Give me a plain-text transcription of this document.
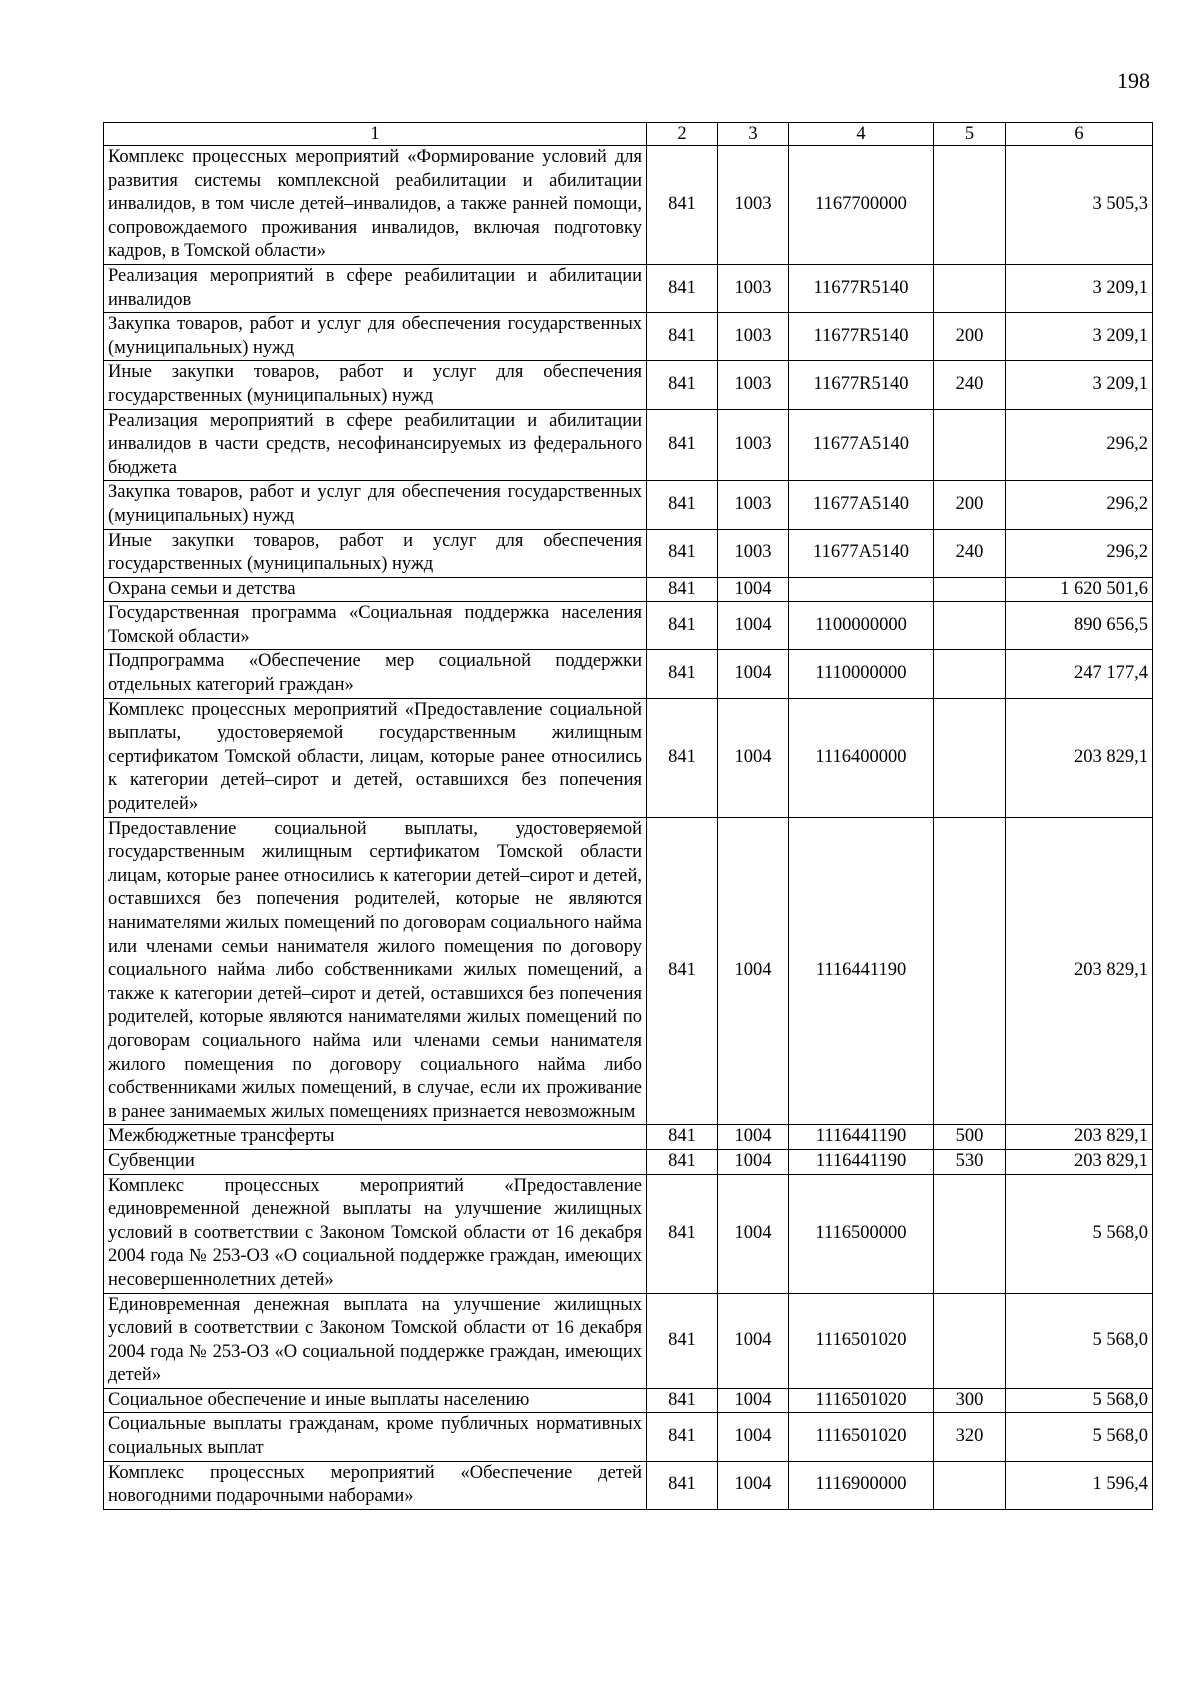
198
1	2	3	4	5	6
Комплекс процессных мероприятий «Формирование условий для развития системы комплексной реабилитации и абилитации инвалидов, в том числе детей–инвалидов, а также ранней помощи, сопровождаемого проживания инвалидов, включая подготовку кадров, в Томской области»	841	1003	1167700000		3 505,3
Реализация мероприятий в сфере реабилитации и абилитации инвалидов	841	1003	11677R5140		3 209,1
Закупка товаров, работ и услуг для обеспечения государственных (муниципальных) нужд	841	1003	11677R5140	200	3 209,1
Иные закупки товаров, работ и услуг для обеспечения государственных (муниципальных) нужд	841	1003	11677R5140	240	3 209,1
Реализация мероприятий в сфере реабилитации и абилитации инвалидов в части средств, несофинансируемых из федерального бюджета	841	1003	11677A5140		296,2
Закупка товаров, работ и услуг для обеспечения государственных (муниципальных) нужд	841	1003	11677A5140	200	296,2
Иные закупки товаров, работ и услуг для обеспечения государственных (муниципальных) нужд	841	1003	11677A5140	240	296,2
Охрана семьи и детства	841	1004			1 620 501,6
Государственная программа «Социальная поддержка населения Томской области»	841	1004	1100000000		890 656,5
Подпрограмма «Обеспечение мер социальной поддержки отдельных категорий граждан»	841	1004	1110000000		247 177,4
Комплекс процессных мероприятий «Предоставление социальной выплаты, удостоверяемой государственным жилищным сертификатом Томской области, лицам, которые ранее относились к категории детей–сирот и детей, оставшихся без попечения родителей»	841	1004	1116400000		203 829,1
Предоставление социальной выплаты, удостоверяемой государственным жилищным сертификатом Томской области лицам, которые ранее относились к категории детей–сирот и детей, оставшихся без попечения родителей, которые не являются нанимателями жилых помещений по договорам социального найма или членами семьи нанимателя жилого помещения по договору социального найма либо собственниками жилых помещений, а также к категории детей–сирот и детей, оставшихся без попечения родителей, которые являются нанимателями жилых помещений по договорам социального найма или членами семьи нанимателя жилого помещения по договору социального найма либо собственниками жилых помещений, в случае, если их проживание в ранее занимаемых жилых помещениях признается невозможным	841	1004	1116441190		203 829,1
Межбюджетные трансферты	841	1004	1116441190	500	203 829,1
Субвенции	841	1004	1116441190	530	203 829,1
Комплекс процессных мероприятий «Предоставление единовременной денежной выплаты на улучшение жилищных условий в соответствии с Законом Томской области от 16 декабря 2004 года № 253-ОЗ «О социальной поддержке граждан, имеющих несовершеннолетних детей»	841	1004	1116500000		5 568,0
Единовременная денежная выплата на улучшение жилищных условий в соответствии с Законом Томской области от 16 декабря 2004 года № 253-ОЗ «О социальной поддержке граждан, имеющих детей»	841	1004	1116501020		5 568,0
Социальное обеспечение и иные выплаты населению	841	1004	1116501020	300	5 568,0
Социальные выплаты гражданам, кроме публичных нормативных социальных выплат	841	1004	1116501020	320	5 568,0
Комплекс процессных мероприятий «Обеспечение детей новогодними подарочными наборами»	841	1004	1116900000		1 596,4
